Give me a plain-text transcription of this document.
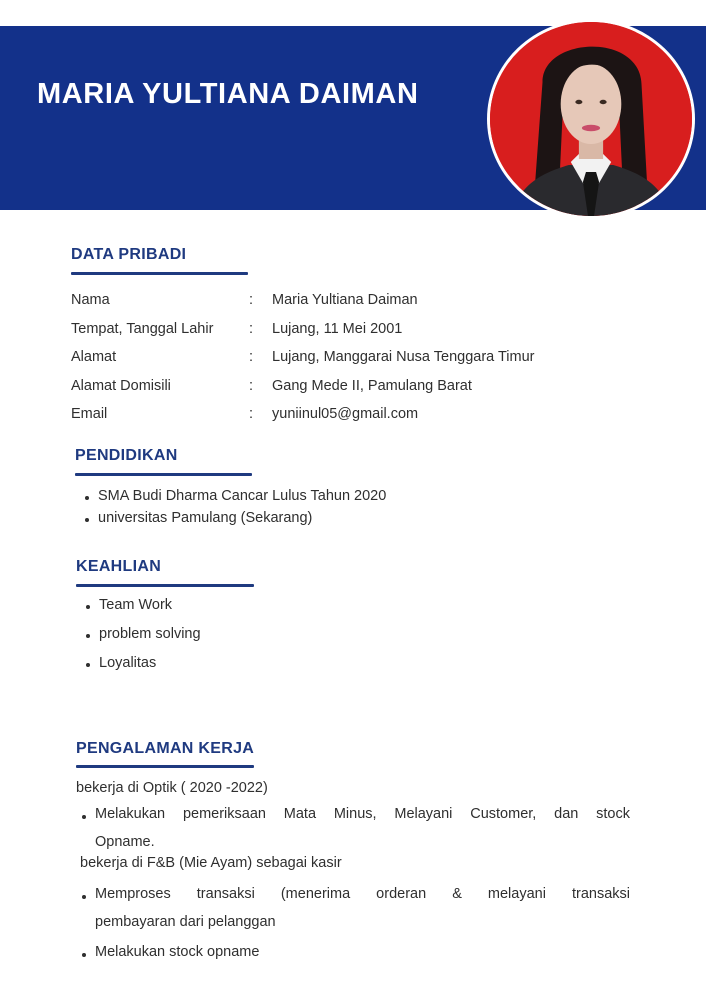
MARIA YULTIANA DAIMAN
DATA PRIBADI
Nama	: Maria Yultiana Daiman
Tempat, Tanggal Lahir : Lujang, 11 Mei 2001
Alamat	: Lujang, Manggarai Nusa Tenggara Timur
Alamat Domisili	: Gang Mede II, Pamulang Barat
Email	: yuniinul05@gmail.com
PENDIDIKAN
SMA Budi Dharma Cancar Lulus Tahun 2020
universitas Pamulang (Sekarang)
KEAHLIAN
Team Work
problem solving
Loyalitas
PENGALAMAN KERJA
bekerja di Optik ( 2020 -2022)
Melakukan pemeriksaan Mata Minus, Melayani Customer, dan stock
Opname.
bekerja di F&B (Mie Ayam) sebagai kasir
Memproses transaksi (menerima orderan & melayani transaksi
pembayaran dari pelanggan
Melakukan stock opname
